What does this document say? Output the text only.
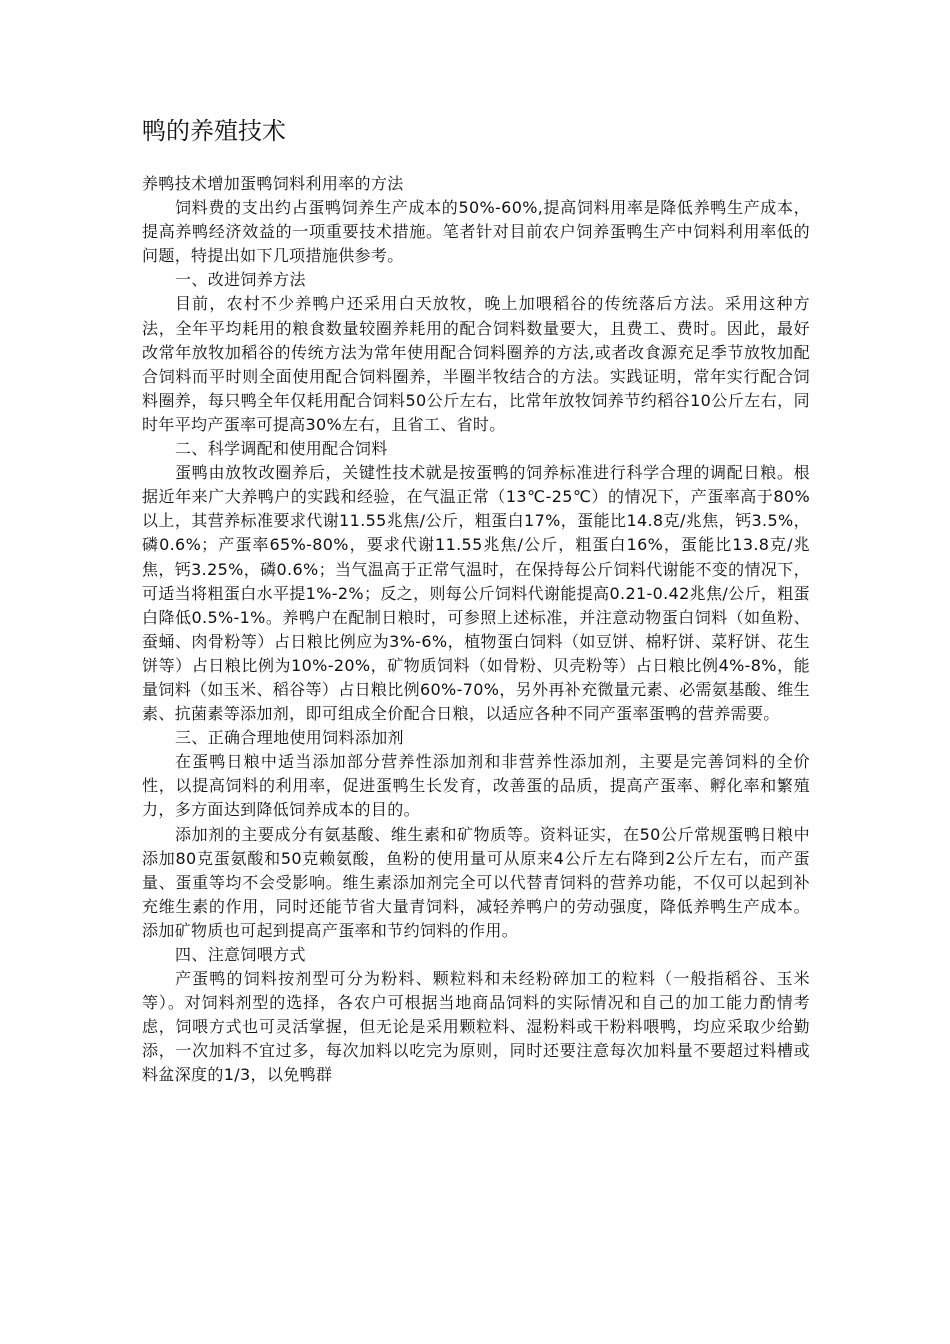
鸭的养殖技术

养鸭技术增加蛋鸭饲料利用率的方法

饲料费的支出约占蛋鸭饲养生产成本的50%-60%,提高饲料用率是降低养鸭生产成本，提高养鸭经济效益的一项重要技术措施。笔者针对目前农户饲养蛋鸭生产中饲料利用率低的问题，特提出如下几项措施供参考。

一、改进饲养方法

目前，农村不少养鸭户还采用白天放牧，晚上加喂稻谷的传统落后方法。采用这种方法，全年平均耗用的粮食数量较圈养耗用的配合饲料数量要大，且费工、费时。因此，最好改常年放牧加稻谷的传统方法为常年使用配合饲料圈养的方法,或者改食源充足季节放牧加配合饲料而平时则全面使用配合饲料圈养，半圈半牧结合的方法。实践证明，常年实行配合饲料圈养，每只鸭全年仅耗用配合饲料50公斤左右，比常年放牧饲养节约稻谷10公斤左右，同时年平均产蛋率可提高30%左右，且省工、省时。

二、科学调配和使用配合饲料

蛋鸭由放牧改圈养后，关键性技术就是按蛋鸭的饲养标准进行科学合理的调配日粮。根据近年来广大养鸭户的实践和经验，在气温正常（13℃-25℃）的情况下，产蛋率高于80%以上，其营养标准要求代谢11.55兆焦/公斤，粗蛋白17%，蛋能比14.8克/兆焦，钙3.5%，磷0.6%；产蛋率65%-80%，要求代谢11.55兆焦/公斤，粗蛋白16%，蛋能比13.8克/兆焦，钙3.25%，磷0.6%；当气温高于正常气温时，在保持每公斤饲料代谢能不变的情况下，可适当将粗蛋白水平提1%-2%；反之，则每公斤饲料代谢能提高0.21-0.42兆焦/公斤，粗蛋白降低0.5%-1%。养鸭户在配制日粮时，可参照上述标准，并注意动物蛋白饲料（如鱼粉、蚕蛹、肉骨粉等）占日粮比例应为3%-6%，植物蛋白饲料（如豆饼、棉籽饼、菜籽饼、花生饼等）占日粮比例为10%-20%，矿物质饲料（如骨粉、贝壳粉等）占日粮比例4%-8%，能量饲料（如玉米、稻谷等）占日粮比例60%-70%，另外再补充微量元素、必需氨基酸、维生素、抗菌素等添加剂，即可组成全价配合日粮，以适应各种不同产蛋率蛋鸭的营养需要。

三、正确合理地使用饲料添加剂

在蛋鸭日粮中适当添加部分营养性添加剂和非营养性添加剂，主要是完善饲料的全价性，以提高饲料的利用率，促进蛋鸭生长发育，改善蛋的品质，提高产蛋率、孵化率和繁殖力，多方面达到降低饲养成本的目的。

添加剂的主要成分有氨基酸、维生素和矿物质等。资料证实，在50公斤常规蛋鸭日粮中添加80克蛋氨酸和50克赖氨酸，鱼粉的使用量可从原来4公斤左右降到2公斤左右，而产蛋量、蛋重等均不会受影响。维生素添加剂完全可以代替青饲料的营养功能，不仅可以起到补充维生素的作用，同时还能节省大量青饲料，减轻养鸭户的劳动强度，降低养鸭生产成本。添加矿物质也可起到提高产蛋率和节约饲料的作用。

四、注意饲喂方式

产蛋鸭的饲料按剂型可分为粉料、颗粒料和未经粉碎加工的粒料（一般指稻谷、玉米等）。对饲料剂型的选择，各农户可根据当地商品饲料的实际情况和自己的加工能力酌情考虑，饲喂方式也可灵活掌握，但无论是采用颗粒料、湿粉料或干粉料喂鸭，均应采取少给勤添，一次加料不宜过多，每次加料以吃完为原则，同时还要注意每次加料量不要超过料槽或料盆深度的1/3，以免鸭群
